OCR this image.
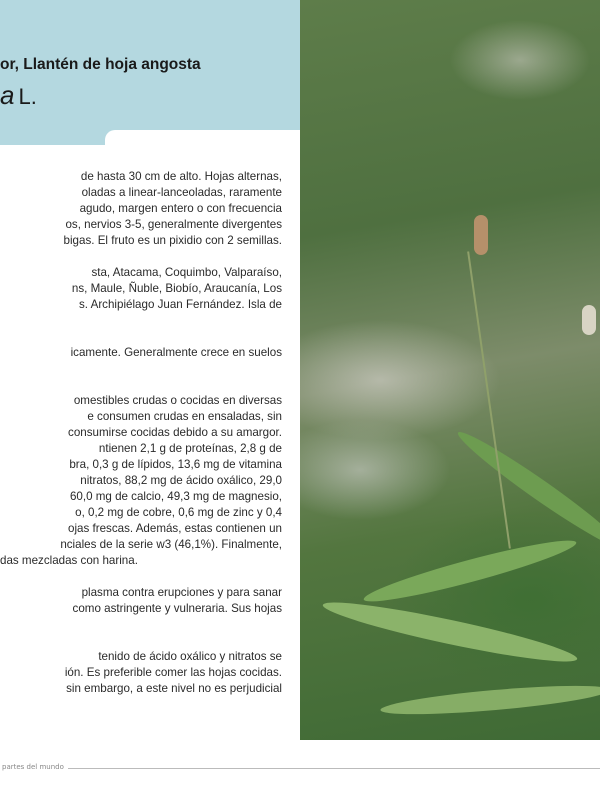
or, Llantén de hoja angosta
a L.
de hasta 30 cm de alto. Hojas alternas,
oladas a linear-lanceoladas, raramente
agudo, margen entero o con frecuencia
os, nervios 3-5, generalmente divergentes
bigas. El fruto es un pixidio con 2 semillas.
sta, Atacama, Coquimbo, Valparaíso,
ns, Maule, Ñuble, Biobío, Araucanía, Los
s. Archipiélago Juan Fernández. Isla de
icamente. Generalmente crece en suelos
omestibles crudas o cocidas en diversas
e consumen crudas en ensaladas, sin
consumirse cocidas debido a su amargor.
ntienen 2,1 g de proteínas, 2,8 g de
bra, 0,3 g de lípidos, 13,6 mg de vitamina
nitratos, 88,2 mg de ácido oxálico, 29,0
60,0 mg de calcio, 49,3 mg de magnesio,
o, 0,2 mg de cobre, 0,6 mg de zinc y 0,4
ojas frescas. Además, estas contienen un
nciales de la serie w3 (46,1%). Finalmente,
das mezcladas con harina.
plasma contra erupciones y para sanar
como astringente y vulneraria. Sus hojas
tenido de ácido oxálico y nitratos se
ión. Es preferible comer las hojas cocidas.
sin embargo, a este nivel no es perjudicial
partes del mundo
